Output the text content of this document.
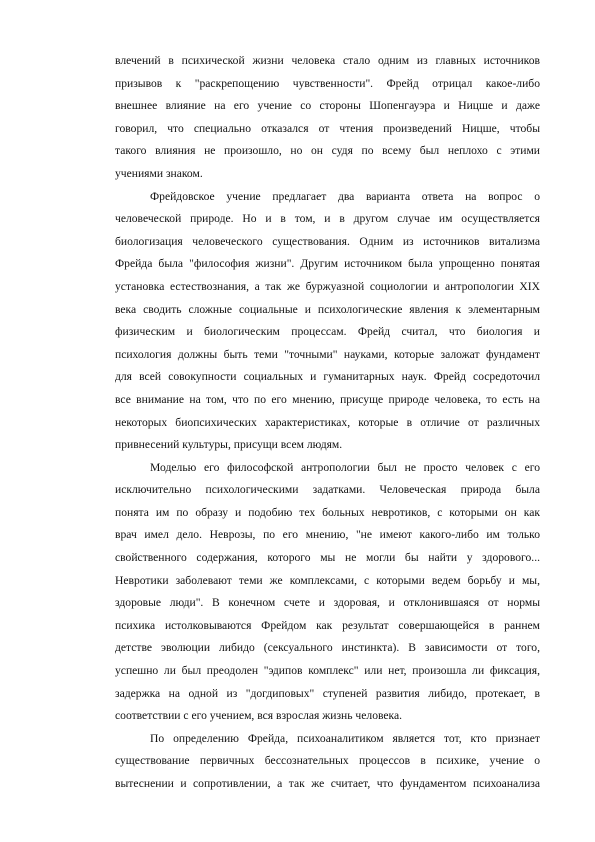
влечений в психической жизни человека стало одним из главных источников
призывов к "раскрепощению чувственности". Фрейд отрицал какое-либо
внешнее влияние на его учение со стороны Шопенгауэра и Ницше и даже
говорил, что специально отказался от чтения произведений Ницше, чтобы
такого влияния не произошло, но он судя по всему был неплохо с этими
учениями знаком.
Фрейдовское учение предлагает два варианта ответа на вопрос о
человеческой природе. Но и в том, и в другом случае им осуществляется
биологизация человеческого существования. Одним из источников витализма
Фрейда была "философия жизни". Другим источником была упрощенно понятая
установка естествознания, а так же буржуазной социологии и антропологии XIX
века сводить сложные социальные и психологические явления к элементарным
физическим и биологическим процессам. Фрейд считал, что биология и
психология должны быть теми "точными" науками, которые заложат фундамент
для всей совокупности социальных и гуманитарных наук. Фрейд сосредоточил
все внимание на том, что по его мнению, присуще природе человека, то есть на
некоторых биопсихических характеристиках, которые в отличие от различных
привнесений культуры, присущи всем людям.
Моделью его философской антропологии был не просто человек с его
исключительно психологическими задатками. Человеческая природа была
понята им по образу и подобию тех больных невротиков, с которыми он как
врач имел дело. Неврозы, по его мнению, "не имеют какого-либо им только
свойственного содержания, которого мы не могли бы найти у здорового...
Невротики заболевают теми же комплексами, с которыми ведем борьбу и мы,
здоровые люди". В конечном счете и здоровая, и отклонившаяся от нормы
психика истолковываются Фрейдом как результат совершающейся в раннем
детстве эволюции либидо (сексуального инстинкта). В зависимости от того,
успешно ли был преодолен "эдипов комплекс" или нет, произошла ли фиксация,
задержка на одной из "догдиповых" ступеней развития либидо, протекает, в
соответствии с его учением, вся взрослая жизнь человека.
По определению Фрейда, психоаналитиком является тот, кто признает
существование первичных бессознательных процессов в психике, учение о
вытеснении и сопротивлении, а так же считает, что фундаментом психоанализа
